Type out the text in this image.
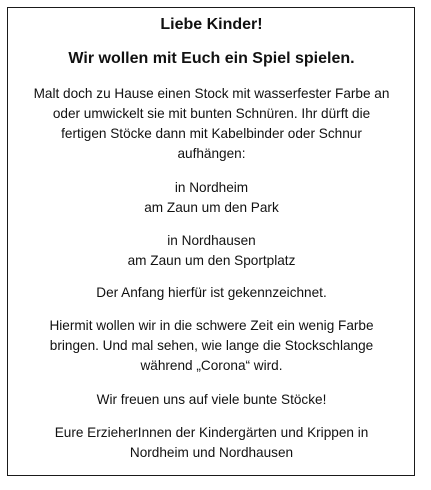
Liebe Kinder!
Wir wollen mit Euch ein Spiel spielen.

Malt doch zu Hause einen Stock mit wasserfester Farbe an

oder umwickelt sie mit bunten Schnüren. Ihr dürft die

fertigen Stöcke dann mit Kabelbinder oder Schnur

aufhängen:

in Nordheim

am Zaun um den Park

in Nordhausen

am Zaun um den Sportplatz

Der Anfang hierfür ist gekennzeichnet.

Hiermit wollen wir in die schwere Zeit ein wenig Farbe

bringen. Und mal sehen, wie lange die Stockschlange

während „Corona“ wird.

Wir freuen uns auf viele bunte Stöcke!

Eure ErzieherInnen der Kindergärten und Krippen in

Nordheim und Nordhausen
